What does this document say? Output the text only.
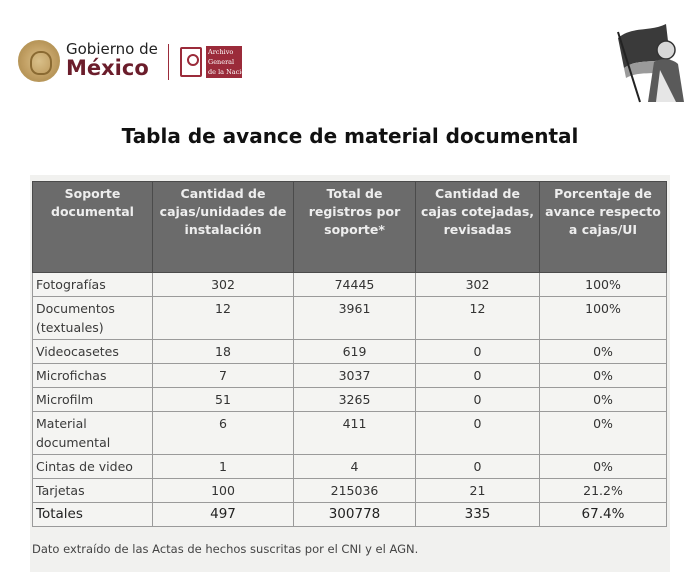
Gobierno de
México
Archivo
General
de la Nación
Tabla de avance de material documental
Soporte documental	Cantidad de cajas/unidades de instalación	Total de registros por soporte*	Cantidad de cajas cotejadas, revisadas	Porcentaje de avance respecto a cajas/UI
Fotografías	302	74445	302	100%
Documentos (textuales)	12	3961	12	100%
Videocasetes	18	619	0	0%
Microfichas	7	3037	0	0%
Microfilm	51	3265	0	0%
Material documental	6	411	0	0%
Cintas de video	1	4	0	0%
Tarjetas	100	215036	21	21.2%
Totales	497	300778	335	67.4%
Dato extraído de las Actas de hechos suscritas por el CNI y el AGN.
